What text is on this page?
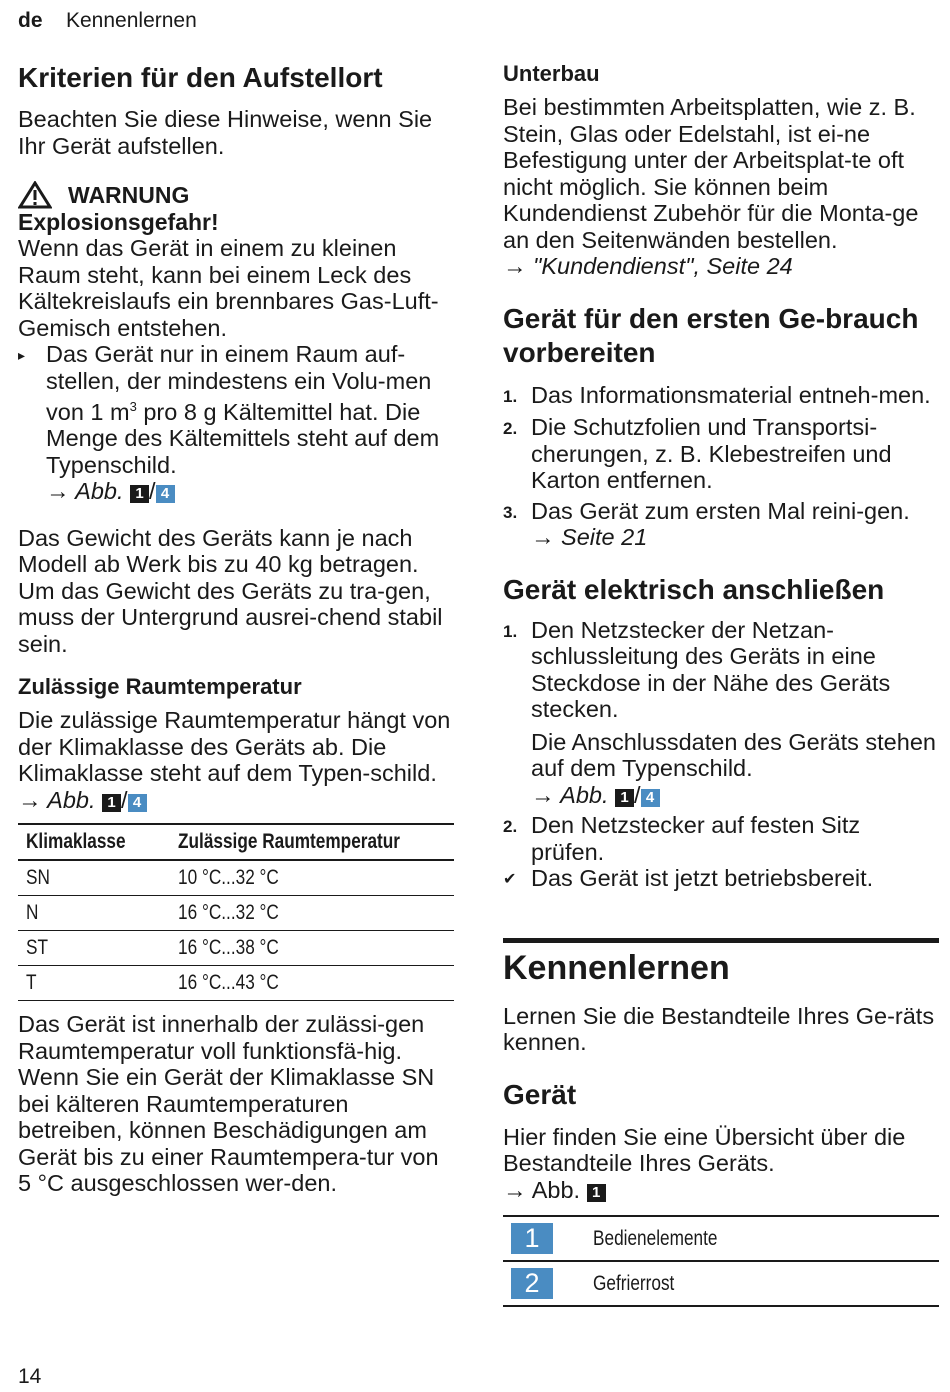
de Kennenlernen
Kriterien für den Aufstellort

Beachten Sie diese Hinweise, wenn Sie Ihr Gerät aufstellen.

WARNUNG
Explosionsgefahr!

Wenn das Gerät in einem zu kleinen Raum steht, kann bei einem Leck des Kältekreislaufs ein brennbares Gas-Luft-Gemisch entstehen.

▸ Das Gerät nur in einem Raum auf-stellen, der mindestens ein Volu-men von 1 $m^3$ pro 8 g Kältemittel hat. Die Menge des Kältemittels steht auf dem Typenschild.
→ Abb. 1 / 4

Das Gewicht des Geräts kann je nach Modell ab Werk bis zu 40 kg betragen.

Um das Gewicht des Geräts zu tra-gen, muss der Untergrund ausrei-chend stabil sein.

Zulässige Raumtemperatur

Die zulässige Raumtemperatur hängt von der Klimaklasse des Geräts ab. Die Klimaklasse steht auf dem Typen-schild. → Abb. 1 / 4

Klimaklasse	Zulässige Raumtemperatur
SN	10 °C...32 °C
N	16 °C...32 °C
ST	16 °C...38 °C
T	16 °C...43 °C

Das Gerät ist innerhalb der zulässi-gen Raumtemperatur voll funktionsfä-hig.

Wenn Sie ein Gerät der Klimaklasse SN bei kälteren Raumtemperaturen betreiben, können Beschädigungen am Gerät bis zu einer Raumtempera-tur von 5 °C ausgeschlossen wer-den.

Unterbau

Bei bestimmten Arbeitsplatten, wie z. B. Stein, Glas oder Edelstahl, ist ei-ne Befestigung unter der Arbeitsplat-te oft nicht möglich. Sie können beim Kundendienst Zubehör für die Monta-ge an den Seitenwänden bestellen.

→ "Kundendienst", Seite 24

Gerät für den ersten Ge-brauch vorbereiten
1. Das Informationsmaterial entneh-men.

2. Die Schutzfolien und Transportsi-cherungen, z. B. Klebestreifen und Karton entfernen.

3. Das Gerät zum ersten Mal reini-gen. → Seite 21

Gerät elektrisch anschließen
1. Den Netzstecker der Netzan-schlussleitung des Geräts in eine Steckdose in der Nähe des Geräts stecken.

Die Anschlussdaten des Geräts stehen auf dem Typenschild.

→ Abb. 1 / 4

2. Den Netzstecker auf festen Sitz prüfen.

✔ Das Gerät ist jetzt betriebsbereit.

Kennenlernen

Lernen Sie die Bestandteile Ihres Ge-räts kennen.

Gerät

Hier finden Sie eine Übersicht über die Bestandteile Ihres Geräts.

→ Abb. 1

1	Bedienelemente
2	Gefrierrost
14
